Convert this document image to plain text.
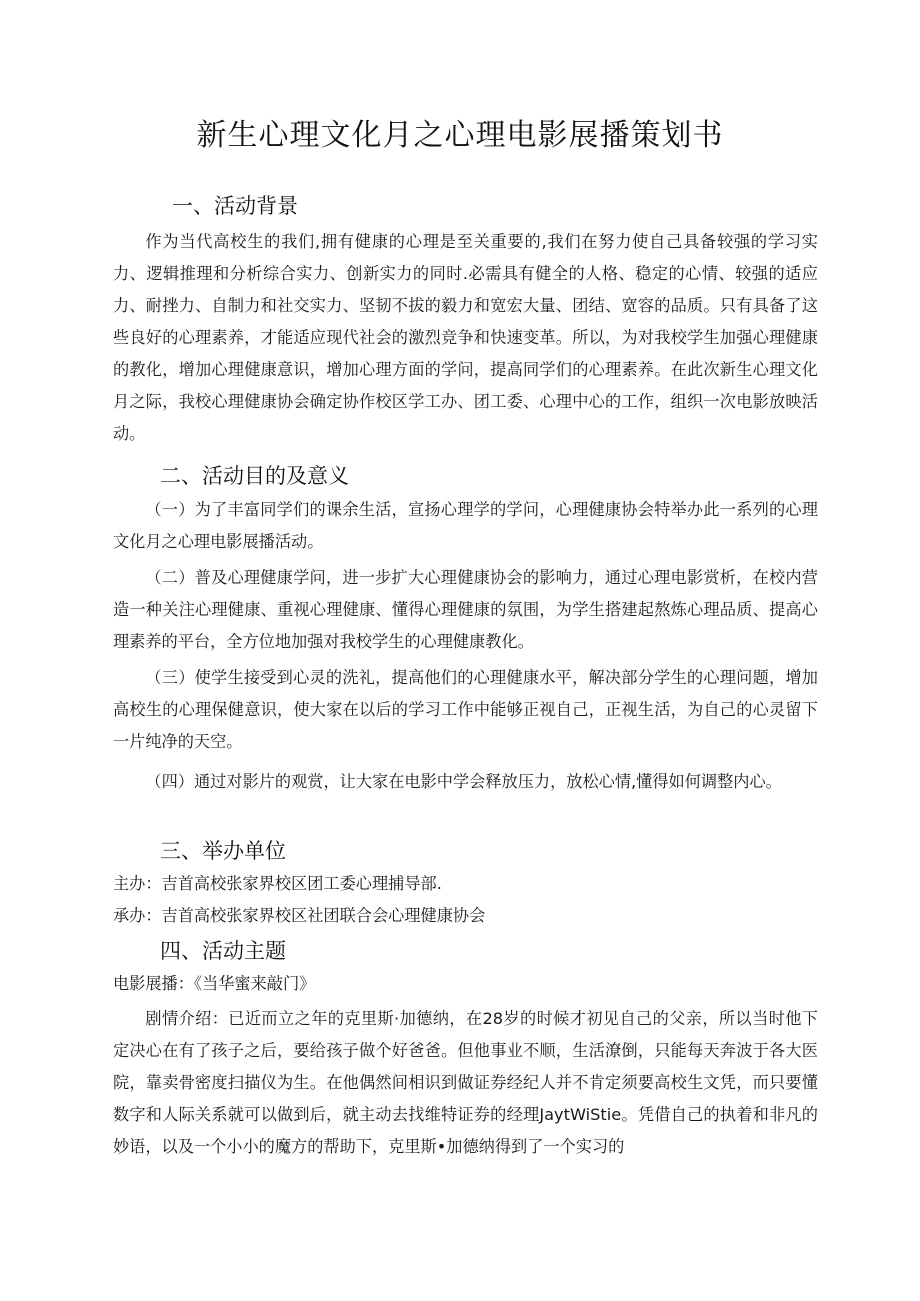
新生心理文化月之心理电影展播策划书
一、活动背景

作为当代高校生的我们,拥有健康的心理是至关重要的,我们在努力使自己具备较强的学习实力、逻辑推理和分析综合实力、创新实力的同时.必需具有健全的人格、稳定的心情、较强的适应力、耐挫力、自制力和社交实力、坚韧不拔的毅力和宽宏大量、团结、宽容的品质。只有具备了这些良好的心理素养，才能适应现代社会的激烈竞争和快速变革。所以，为对我校学生加强心理健康的教化，增加心理健康意识，增加心理方面的学问，提高同学们的心理素养。在此次新生心理文化月之际，我校心理健康协会确定协作校区学工办、团工委、心理中心的工作，组织一次电影放映活动。

二、活动目的及意义

（一）为了丰富同学们的课余生活，宣扬心理学的学问，心理健康协会特举办此一系列的心理文化月之心理电影展播活动。

（二）普及心理健康学问，进一步扩大心理健康协会的影响力，通过心理电影赏析，在校内营造一种关注心理健康、重视心理健康、懂得心理健康的氛围，为学生搭建起熬炼心理品质、提高心理素养的平台，全方位地加强对我校学生的心理健康教化。

（三）使学生接受到心灵的洗礼，提高他们的心理健康水平，解决部分学生的心理问题，增加高校生的心理保健意识，使大家在以后的学习工作中能够正视自己，正视生活，为自己的心灵留下一片纯净的天空。

（四）通过对影片的观赏，让大家在电影中学会释放压力，放松心情,懂得如何调整内心。

三、举办单位
主办：吉首高校张家界校区团工委心理捕导部.
承办：吉首高校张家界校区社团联合会心理健康协会
四、活动主题
电影展播：《当华蜜来敲门》

剧情介绍：已近而立之年的克里斯·加德纳，在28岁的时候才初见自己的父亲，所以当时他下定决心在有了孩子之后，要给孩子做个好爸爸。但他事业不顺，生活潦倒，只能每天奔波于各大医院，靠卖骨密度扫描仪为生。在他偶然间相识到做证券经纪人并不肯定须要高校生文凭，而只要懂数字和人际关系就可以做到后，就主动去找维特证券的经理JaytWiStie。凭借自己的执着和非凡的妙语，以及一个小小的魔方的帮助下，克里斯•加德纳得到了一个实习的
